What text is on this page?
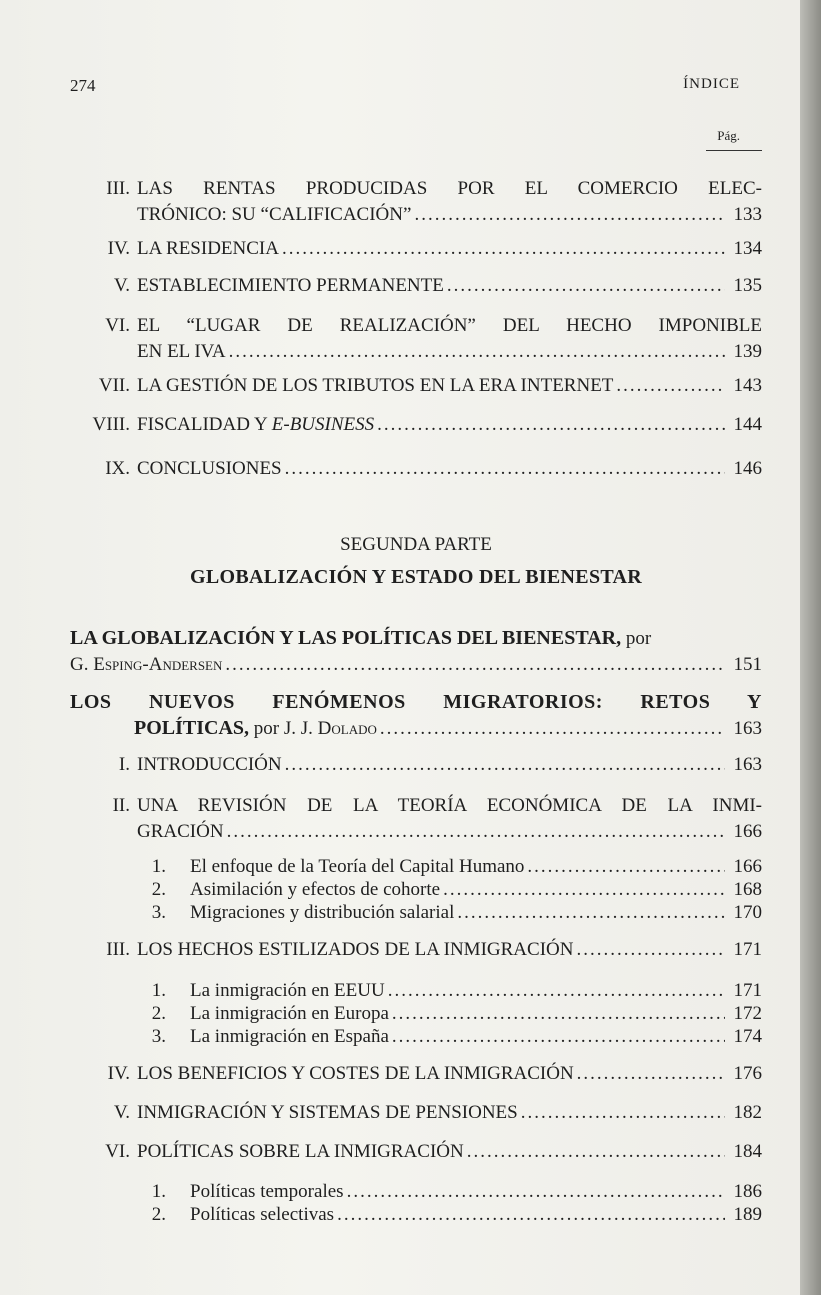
274	ÍNDICE
Pág.
III. LAS RENTAS PRODUCIDAS POR EL COMERCIO ELEC-
TRÓNICO: SU “CALIFICACIÓN” .....	133
IV. LA RESIDENCIA .....	134
V. ESTABLECIMIENTO PERMANENTE .....	135
VI. EL “LUGAR DE REALIZACIÓN” DEL HECHO IMPONIBLE
EN EL IVA .....	139
VII. LA GESTIÓN DE LOS TRIBUTOS EN LA ERA INTERNET .....	143
VIII. FISCALIDAD Y E-BUSINESS .....	144
IX. CONCLUSIONES .....	146
SEGUNDA PARTE
GLOBALIZACIÓN Y ESTADO DEL BIENESTAR
LA GLOBALIZACIÓN Y LAS POLÍTICAS DEL BIENESTAR, por
G. Esping-Andersen .....	151
LOS NUEVOS FENÓMENOS MIGRATORIOS: RETOS Y
POLÍTICAS, por J. J. Dolado .....	163
I. INTRODUCCIÓN .....	163
II. UNA REVISIÓN DE LA TEORÍA ECONÓMICA DE LA INMI-
GRACIÓN .....	166
1.	El enfoque de la Teoría del Capital Humano .....	166
2.	Asimilación y efectos de cohorte .....	168
3.	Migraciones y distribución salarial .....	170
III. LOS HECHOS ESTILIZADOS DE LA INMIGRACIÓN .....	171
1.	La inmigración en EEUU .....	171
2.	La inmigración en Europa .....	172
3.	La inmigración en España .....	174
IV. LOS BENEFICIOS Y COSTES DE LA INMIGRACIÓN .....	176
V. INMIGRACIÓN Y SISTEMAS DE PENSIONES .....	182
VI. POLÍTICAS SOBRE LA INMIGRACIÓN .....	184
1.	Políticas temporales .....	186
2.	Políticas selectivas .....	189
